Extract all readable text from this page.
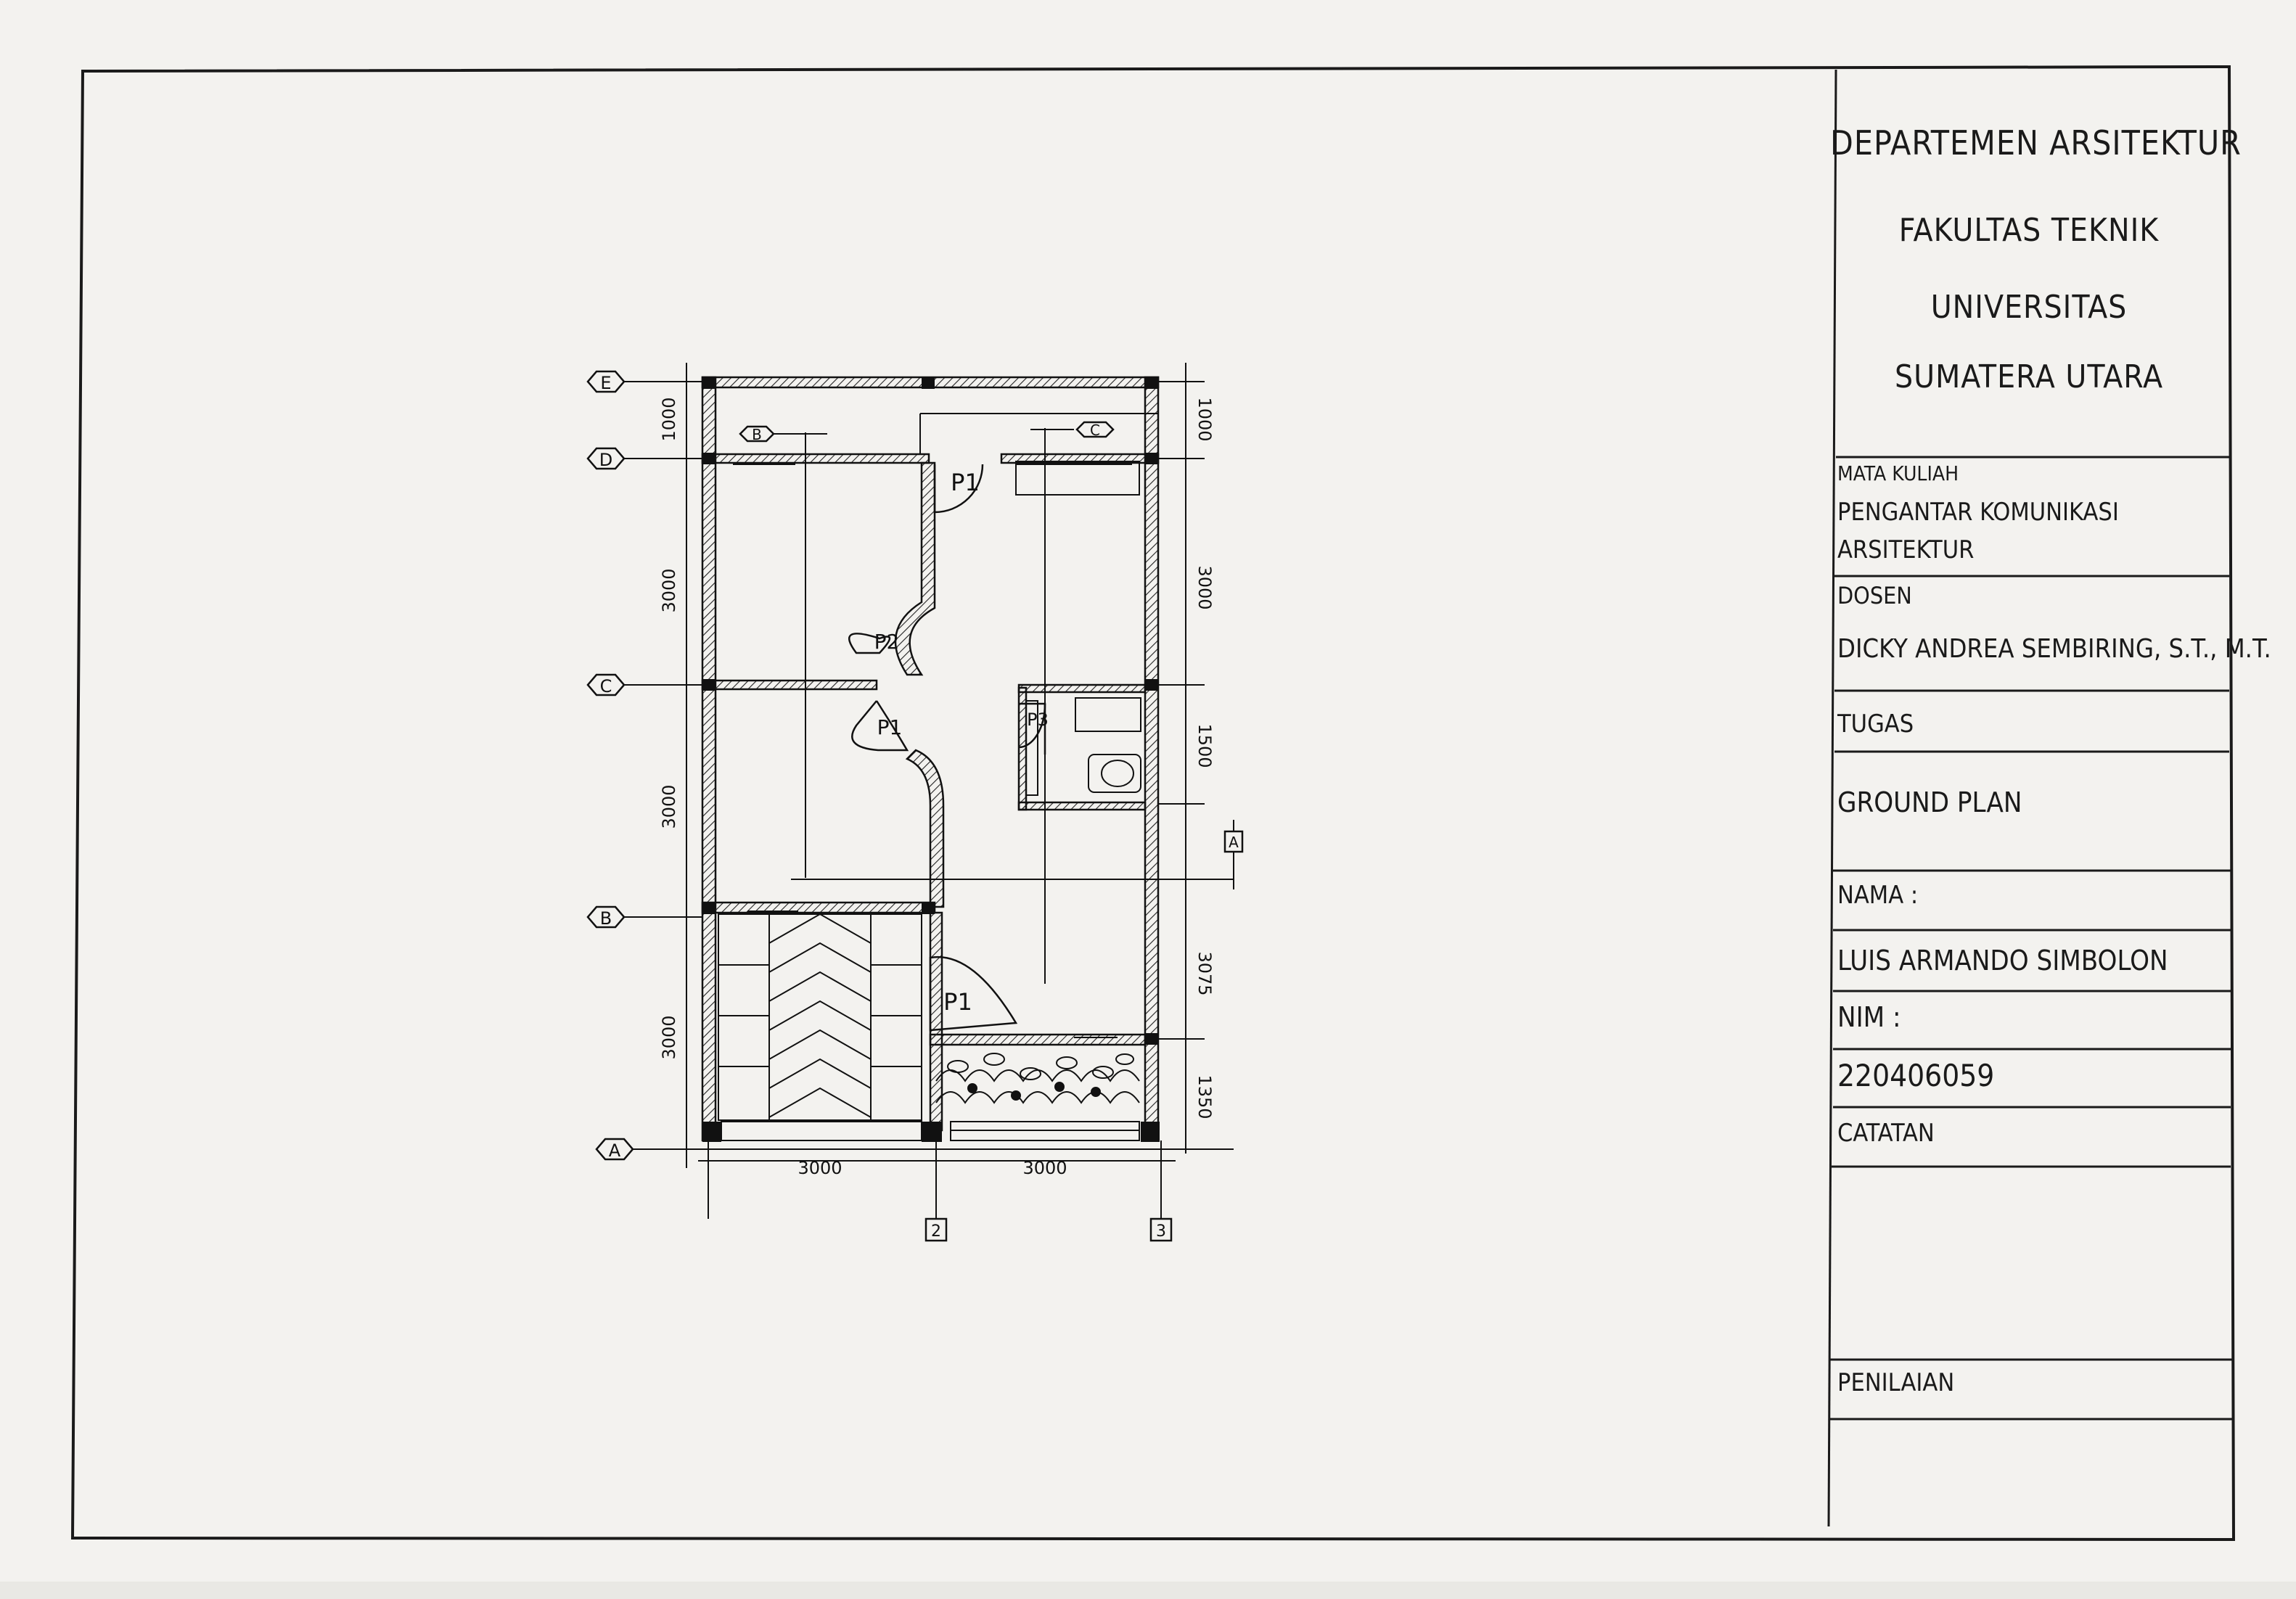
E
D
C
B
A
2	3
B	C
A
1000
3000
3000
3000
1000
3000
1500
3075
1350
3000	3000
P1
P2
P1	P3
P1
DEPARTEMEN ARSITEKTUR
FAKULTAS TEKNIK
UNIVERSITAS
SUMATERA UTARA
MATA KULIAH
PENGANTAR KOMUNIKASI
ARSITEKTUR
DOSEN
DICKY ANDREA SEMBIRING, S.T., M.T.
TUGAS
GROUND PLAN
NAMA :
LUIS ARMANDO SIMBOLON
NIM :
220406059
CATATAN
PENILAIAN
